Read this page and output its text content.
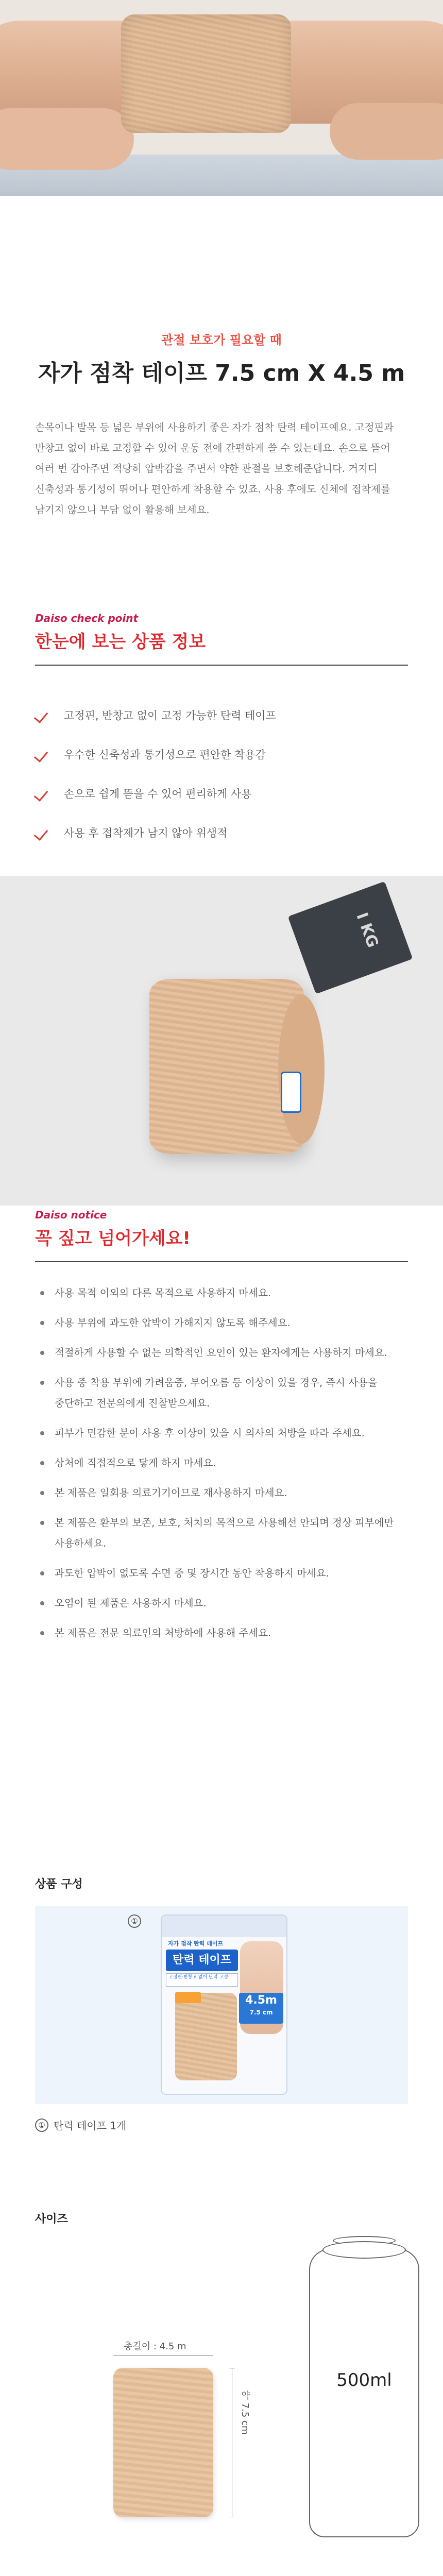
관절 보호가 필요할 때
자가 점착 테이프 7.5 cm X 4.5 m

손목이나 발목 등 넓은 부위에 사용하기 좋은 자가 점착 탄력 테이프예요. 고정핀과 반창고 없이 바로 고정할 수 있어 운동 전에 간편하게 쓸 수 있는데요. 손으로 뜯어 여러 번 감아주면 적당히 압박감을 주면서 약한 관절을 보호해준답니다. 거지디 신축성과 통기성이 뛰어나 편안하게 착용할 수 있죠. 사용 후에도 신체에 접착제를 남기지 않으니 부담 없이 활용해 보세요.

Daiso check point
한눈에 보는 상품 정보
고정핀, 반창고 없이 고정 가능한 탄력 테이프
우수한 신축성과 통기성으로 편안한 착용감
손으로 쉽게 뜯을 수 있어 편리하게 사용
사용 후 접착제가 남지 않아 위생적
I KG
Daiso notice
꼭 짚고 넘어가세요!
사용 목적 이외의 다른 목적으로 사용하지 마세요.
사용 부위에 과도한 압박이 가해지지 않도록 해주세요.
적절하게 사용할 수 없는 의학적인 요인이 있는 환자에게는 사용하지 마세요.
사용 중 착용 부위에 가려움증, 부어오름 등 이상이 있을 경우, 즉시 사용을 중단하고 전문의에게 진찰받으세요.
피부가 민감한 분이 사용 후 이상이 있을 시 의사의 처방을 따라 주세요.
상처에 직접적으로 닿게 하지 마세요.
본 제품은 일회용 의료기기이므로 재사용하지 마세요.
본 제품은 환부의 보존, 보호, 처치의 목적으로 사용해선 안되며 정상 피부에만 사용하세요.
과도한 압박이 없도록 수면 중 및 장시간 동안 착용하지 마세요.
오염이 된 제품은 사용하지 마세요.
본 제품은 전문 의료인의 처방하에 사용해 주세요.
상품 구성
①
자가 점착 탄력 테이프
탄력 테이프
고정핀·반창고 없이 탄력 고정!
4.5m
7.5 cm
① 탄력 테이프 1개
사이즈
총길이 : 4.5 m
약 7.5 cm
500ml
